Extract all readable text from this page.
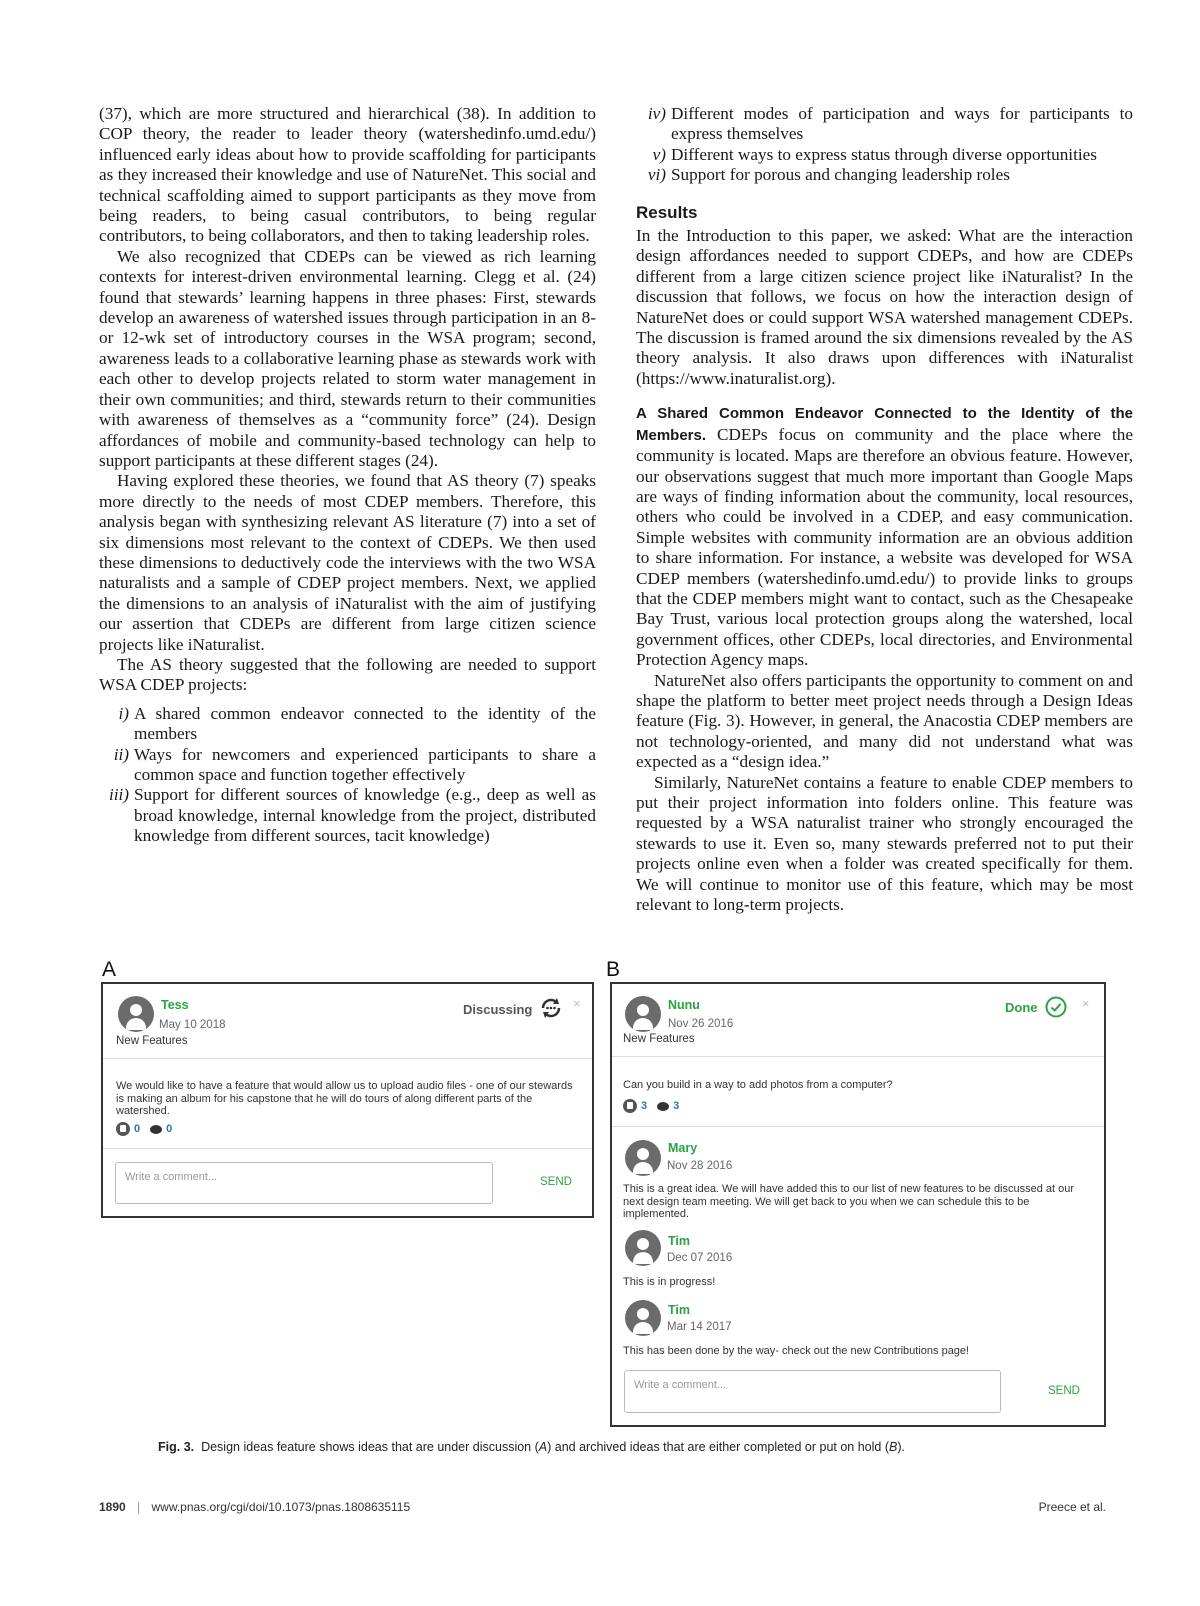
(37), which are more structured and hierarchical (38). In addition to COP theory, the reader to leader theory (watershedinfo.umd.edu/) influenced early ideas about how to provide scaffolding for participants as they increased their knowledge and use of NatureNet. This social and technical scaffolding aimed to support participants as they move from being readers, to being casual contributors, to being regular contributors, to being collaborators, and then to taking leadership roles.

We also recognized that CDEPs can be viewed as rich learning contexts for interest-driven environmental learning. Clegg et al. (24) found that stewards’ learning happens in three phases: First, stewards develop an awareness of watershed issues through participation in an 8- or 12-wk set of introductory courses in the WSA program; second, awareness leads to a collaborative learning phase as stewards work with each other to develop projects related to storm water management in their own communities; and third, stewards return to their communities with awareness of themselves as a “community force” (24). Design affordances of mobile and community-based technology can help to support participants at these different stages (24).

Having explored these theories, we found that AS theory (7) speaks more directly to the needs of most CDEP members. Therefore, this analysis began with synthesizing relevant AS literature (7) into a set of six dimensions most relevant to the context of CDEPs. We then used these dimensions to deductively code the interviews with the two WSA naturalists and a sample of CDEP project members. Next, we applied the dimensions to an analysis of iNaturalist with the aim of justifying our assertion that CDEPs are different from large citizen science projects like iNaturalist.

The AS theory suggested that the following are needed to support WSA CDEP projects:

i) A shared common endeavor connected to the identity of the members
ii) Ways for newcomers and experienced participants to share a common space and function together effectively
iii) Support for different sources of knowledge (e.g., deep as well as broad knowledge, internal knowledge from the project, distributed knowledge from different sources, tacit knowledge)
iv) Different modes of participation and ways for participants to express themselves
v) Different ways to express status through diverse opportunities
vi) Support for porous and changing leadership roles
Results

In the Introduction to this paper, we asked: What are the interaction design affordances needed to support CDEPs, and how are CDEPs different from a large citizen science project like iNaturalist? In the discussion that follows, we focus on how the interaction design of NatureNet does or could support WSA watershed management CDEPs. The discussion is framed around the six dimensions revealed by the AS theory analysis. It also draws upon differences with iNaturalist (https://www.inaturalist.org).

A Shared Common Endeavor Connected to the Identity of the Members. CDEPs focus on community and the place where the community is located. Maps are therefore an obvious feature. However, our observations suggest that much more important than Google Maps are ways of finding information about the community, local resources, others who could be involved in a CDEP, and easy communication. Simple websites with community information are an obvious addition to share information. For instance, a website was developed for WSA CDEP members (watershedinfo.umd.edu/) to provide links to groups that the CDEP members might want to contact, such as the Chesapeake Bay Trust, various local protection groups along the watershed, local government offices, other CDEPs, local directories, and Environmental Protection Agency maps.

NatureNet also offers participants the opportunity to comment on and shape the platform to better meet project needs through a Design Ideas feature (Fig. 3). However, in general, the Anacostia CDEP members are not technology-oriented, and many did not understand what was expected as a “design idea.”

Similarly, NatureNet contains a feature to enable CDEP members to put their project information into folders online. This feature was requested by a WSA naturalist trainer who strongly encouraged the stewards to use it. Even so, many stewards preferred not to put their projects online even when a folder was created specifically for them. We will continue to monitor use of this feature, which may be most relevant to long-term projects.

A	B
Tess
May 10 2018
New Features
Discussing	×
We would like to have a feature that would allow us to upload audio files - one of our stewards is making an album for his capstone that he will do tours of along different parts of the watershed.
0 0
Write a comment...	SEND
Nunu
Nov 26 2016
New Features
Done	×
Can you build in a way to add photos from a computer?
3 3
Mary
Nov 28 2016
This is a great idea. We will have added this to our list of new features to be discussed at our next design team meeting. We will get back to you when we can schedule this to be implemented.
Tim
Dec 07 2016
This is in progress!
Tim
Mar 14 2017
This has been done by the way- check out the new Contributions page!
Write a comment...	SEND
Fig. 3. Design ideas feature shows ideas that are under discussion (A) and archived ideas that are either completed or put on hold (B).
1890 | www.pnas.org/cgi/doi/10.1073/pnas.1808635115	Preece et al.
